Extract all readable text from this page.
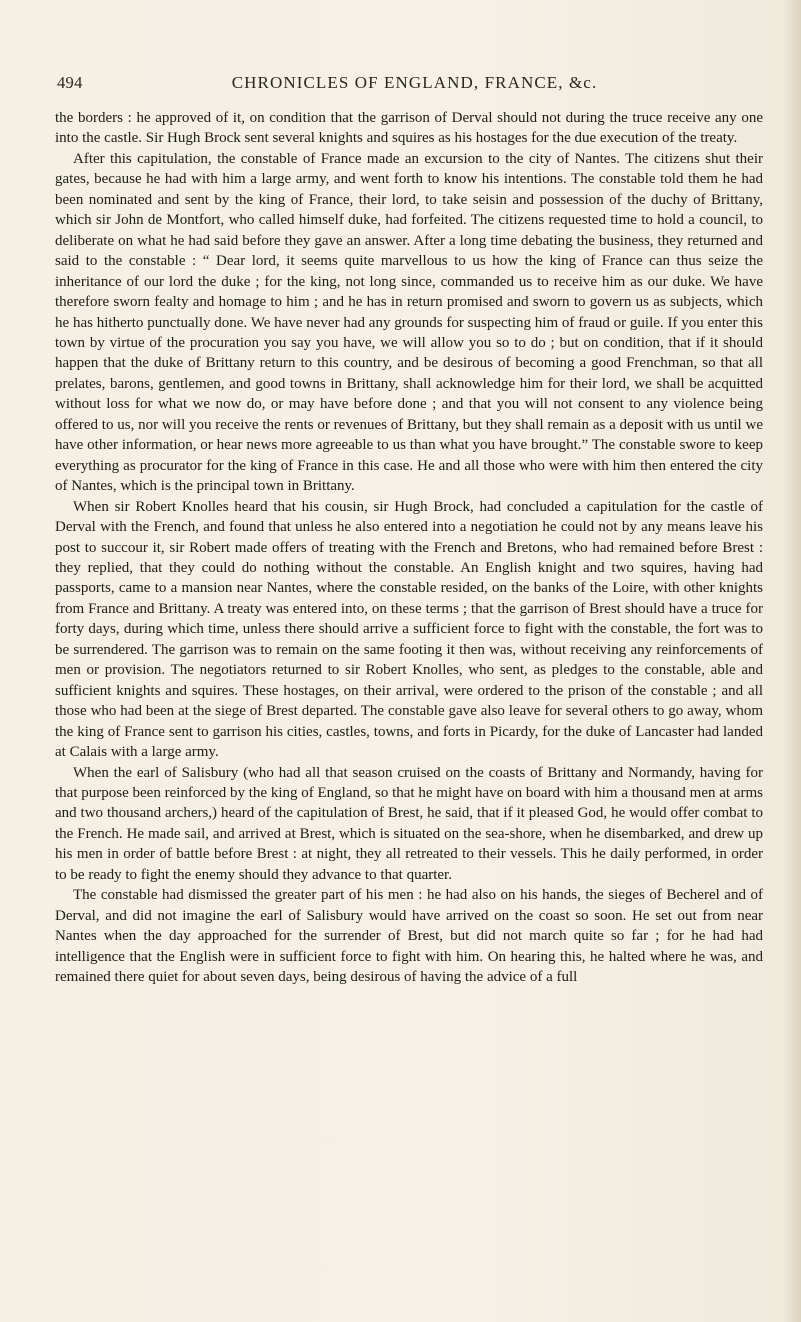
494	CHRONICLES OF ENGLAND, FRANCE, &c.

the borders : he approved of it, on condition that the garrison of Derval should not during the truce receive any one into the castle. Sir Hugh Brock sent several knights and squires as his hostages for the due execution of the treaty.

After this capitulation, the constable of France made an excursion to the city of Nantes. The citizens shut their gates, because he had with him a large army, and went forth to know his intentions. The constable told them he had been nominated and sent by the king of France, their lord, to take seisin and possession of the duchy of Brittany, which sir John de Montfort, who called himself duke, had forfeited. The citizens requested time to hold a council, to deliberate on what he had said before they gave an answer. After a long time debating the business, they returned and said to the constable : “ Dear lord, it seems quite marvellous to us how the king of France can thus seize the inheritance of our lord the duke ; for the king, not long since, commanded us to receive him as our duke. We have therefore sworn fealty and homage to him ; and he has in return promised and sworn to govern us as subjects, which he has hitherto punctually done. We have never had any grounds for suspecting him of fraud or guile. If you enter this town by virtue of the procuration you say you have, we will allow you so to do ; but on condition, that if it should happen that the duke of Brittany return to this country, and be desirous of becoming a good Frenchman, so that all prelates, barons, gentlemen, and good towns in Brittany, shall acknowledge him for their lord, we shall be acquitted without loss for what we now do, or may have before done ; and that you will not consent to any violence being offered to us, nor will you receive the rents or revenues of Brittany, but they shall remain as a deposit with us until we have other information, or hear news more agreeable to us than what you have brought.” The constable swore to keep everything as procurator for the king of France in this case. He and all those who were with him then entered the city of Nantes, which is the principal town in Brittany.

When sir Robert Knolles heard that his cousin, sir Hugh Brock, had concluded a capitulation for the castle of Derval with the French, and found that unless he also entered into a negotiation he could not by any means leave his post to succour it, sir Robert made offers of treating with the French and Bretons, who had remained before Brest : they replied, that they could do nothing without the constable. An English knight and two squires, having had passports, came to a mansion near Nantes, where the constable resided, on the banks of the Loire, with other knights from France and Brittany. A treaty was entered into, on these terms ; that the garrison of Brest should have a truce for forty days, during which time, unless there should arrive a sufficient force to fight with the constable, the fort was to be surrendered. The garrison was to remain on the same footing it then was, without receiving any reinforcements of men or provision. The negotiators returned to sir Robert Knolles, who sent, as pledges to the constable, able and sufficient knights and squires. These hostages, on their arrival, were ordered to the prison of the constable ; and all those who had been at the siege of Brest departed. The constable gave also leave for several others to go away, whom the king of France sent to garrison his cities, castles, towns, and forts in Picardy, for the duke of Lancaster had landed at Calais with a large army.

When the earl of Salisbury (who had all that season cruised on the coasts of Brittany and Normandy, having for that purpose been reinforced by the king of England, so that he might have on board with him a thousand men at arms and two thousand archers,) heard of the capitulation of Brest, he said, that if it pleased God, he would offer combat to the French. He made sail, and arrived at Brest, which is situated on the sea-shore, when he disembarked, and drew up his men in order of battle before Brest : at night, they all retreated to their vessels. This he daily performed, in order to be ready to fight the enemy should they advance to that quarter.

The constable had dismissed the greater part of his men : he had also on his hands, the sieges of Becherel and of Derval, and did not imagine the earl of Salisbury would have arrived on the coast so soon. He set out from near Nantes when the day approached for the surrender of Brest, but did not march quite so far ; for he had had intelligence that the English were in sufficient force to fight with him. On hearing this, he halted where he was, and remained there quiet for about seven days, being desirous of having the advice of a full
